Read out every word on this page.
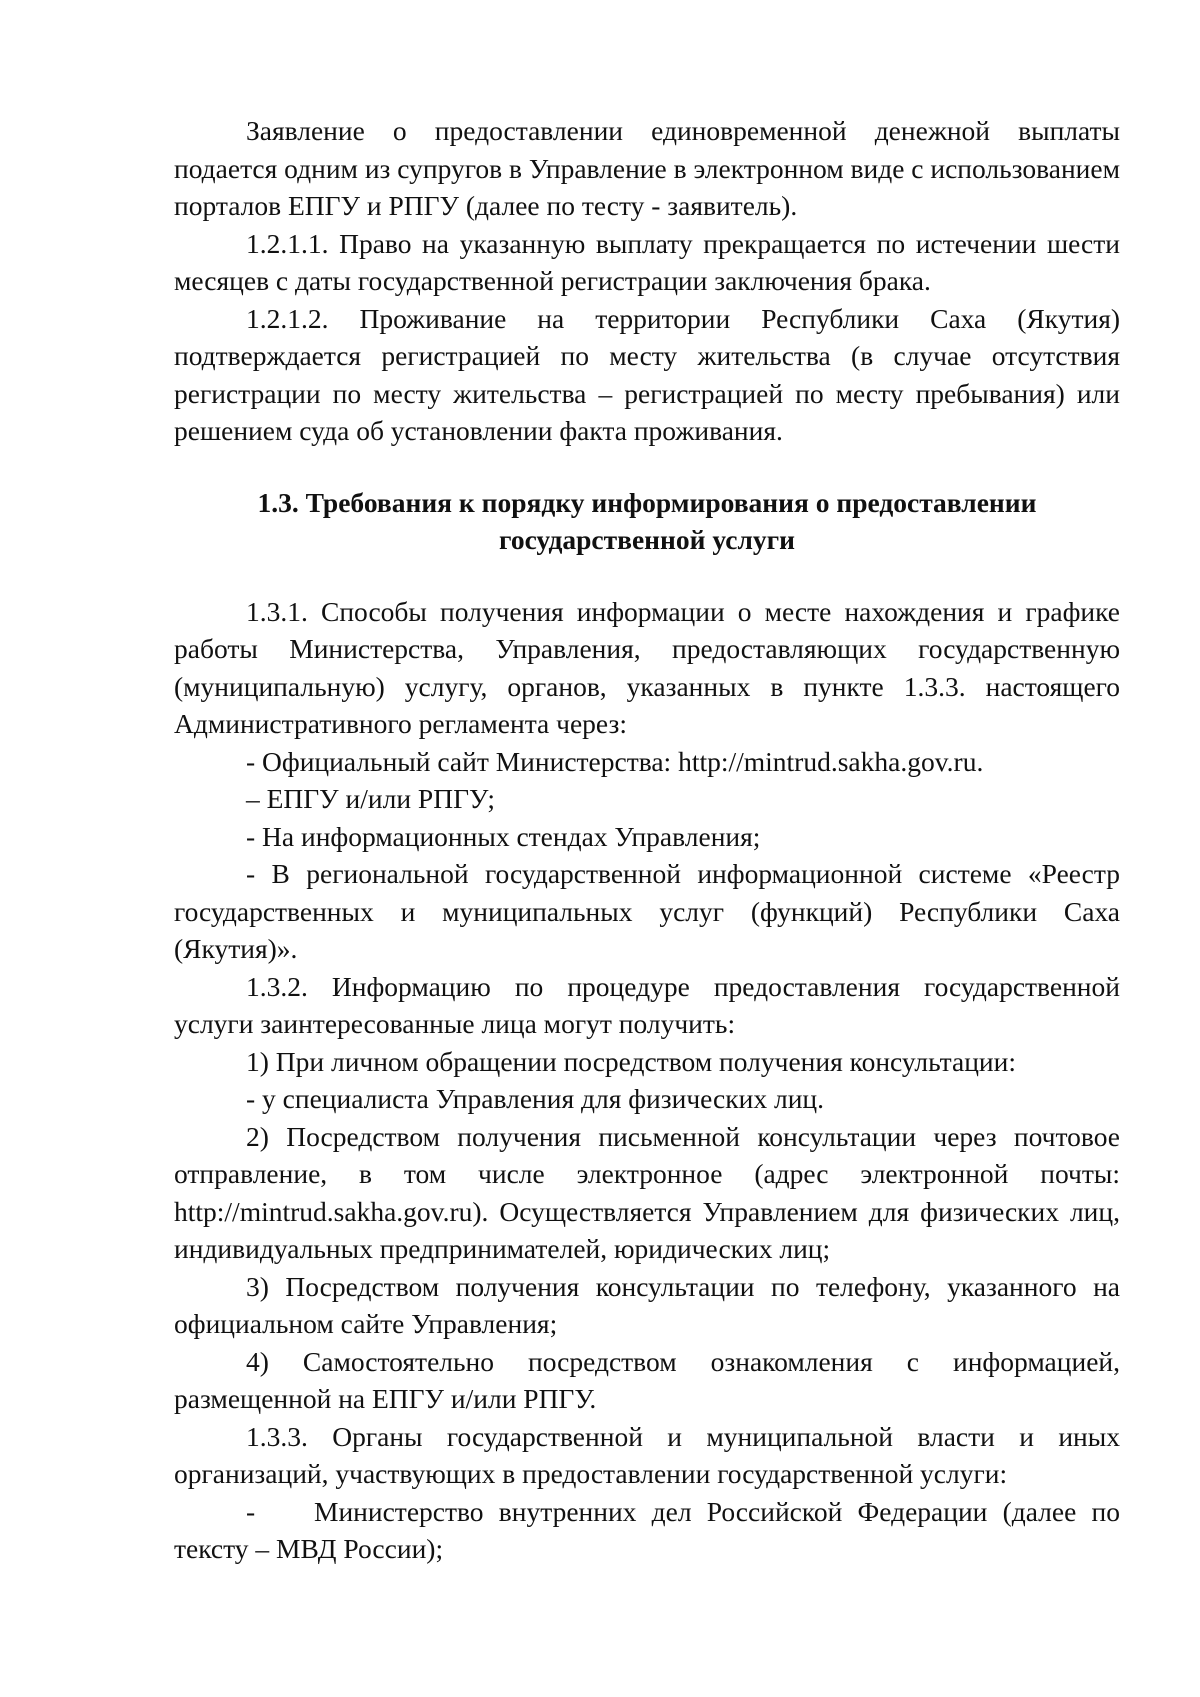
Заявление о предоставлении единовременной денежной выплаты подается одним из супругов в Управление в электронном виде с использованием порталов ЕПГУ и РПГУ (далее по тесту - заявитель).

1.2.1.1. Право на указанную выплату прекращается по истечении шести месяцев с даты государственной регистрации заключения брака.

1.2.1.2. Проживание на территории Республики Саха (Якутия) подтверждается регистрацией по месту жительства (в случае отсутствия регистрации по месту жительства – регистрацией по месту пребывания) или решением суда об установлении факта проживания.

1.3. Требования к порядку информирования о предоставлении государственной услуги

1.3.1. Способы получения информации о месте нахождения и графике работы Министерства, Управления, предоставляющих государственную (муниципальную) услугу, органов, указанных в пункте 1.3.3. настоящего Административного регламента через:

- Официальный сайт Министерства: http://mintrud.sakha.gov.ru.

– ЕПГУ и/или РПГУ;

- На информационных стендах Управления;

- В региональной государственной информационной системе «Реестр государственных и муниципальных услуг (функций) Республики Саха (Якутия)».

1.3.2. Информацию по процедуре предоставления государственной услуги заинтересованные лица могут получить:

1) При личном обращении посредством получения консультации:

- у специалиста Управления для физических лиц.

2) Посредством получения письменной консультации через почтовое отправление, в том числе электронное (адрес электронной почты: http://mintrud.sakha.gov.ru). Осуществляется Управлением для физических лиц, индивидуальных предпринимателей, юридических лиц;

3) Посредством получения консультации по телефону, указанного на официальном сайте Управления;

4) Самостоятельно посредством ознакомления с информацией, размещенной на ЕПГУ и/или РПГУ.

1.3.3. Органы государственной и муниципальной власти и иных организаций, участвующих в предоставлении государственной услуги:

- Министерство внутренних дел Российской Федерации (далее по тексту – МВД России);
